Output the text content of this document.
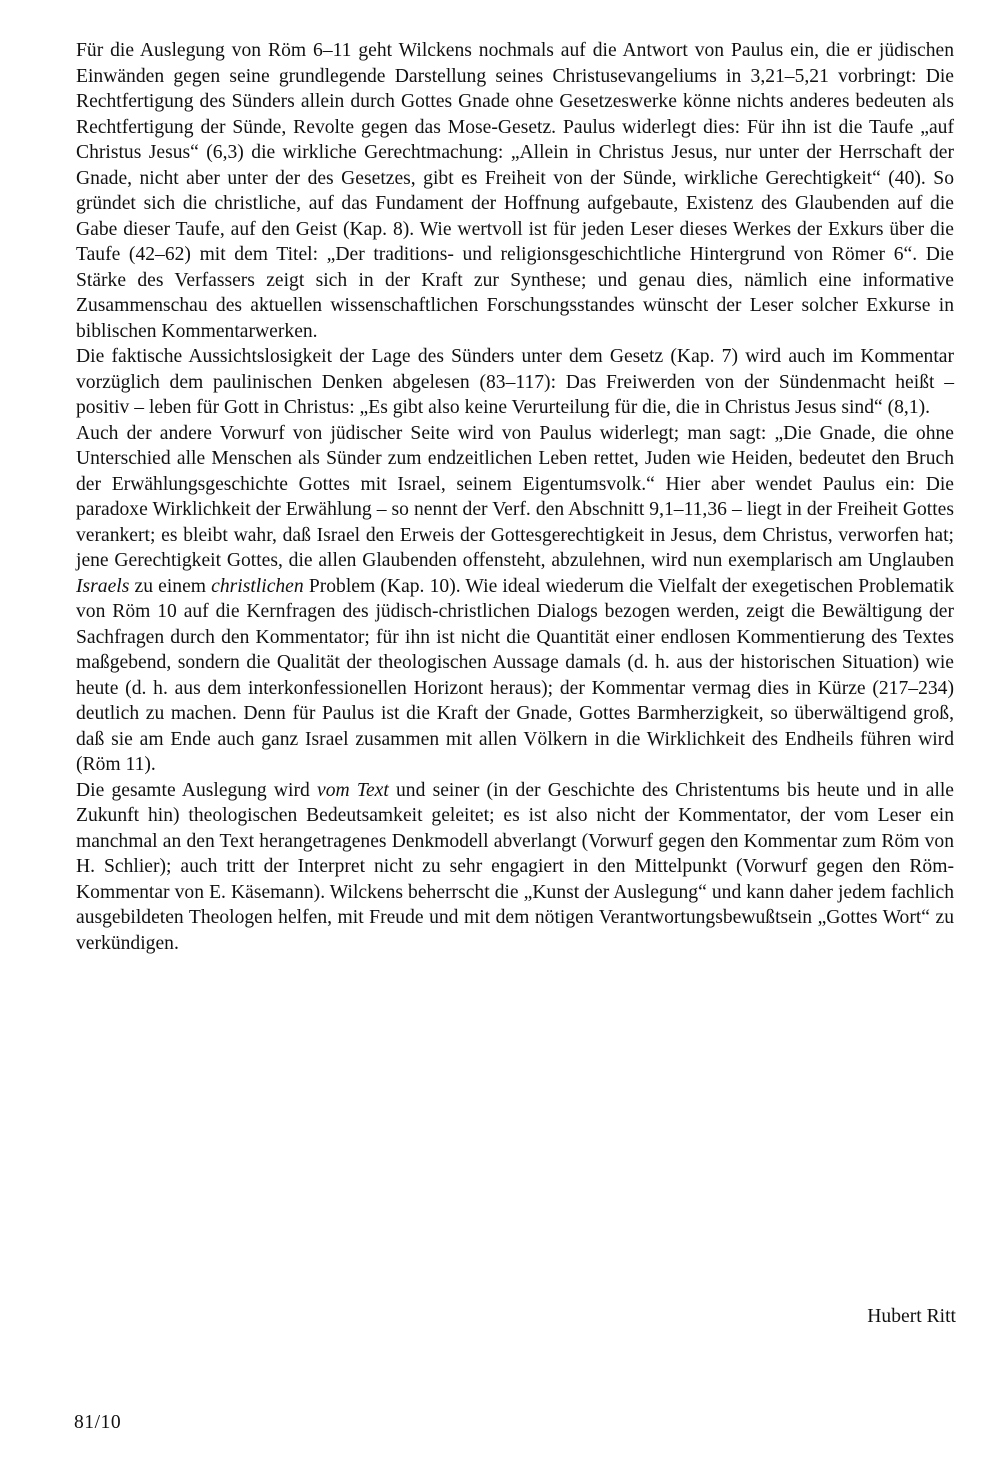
Für die Auslegung von Röm 6–11 geht Wilckens nochmals auf die Antwort von Paulus ein, die er jüdischen Einwänden gegen seine grundlegende Darstellung seines Christusevangeliums in 3,21–5,21 vorbringt: Die Rechtfertigung des Sünders allein durch Gottes Gnade ohne Gesetzeswerke könne nichts anderes bedeuten als Rechtfertigung der Sünde, Revolte gegen das Mose-Gesetz. Paulus widerlegt dies: Für ihn ist die Taufe „auf Christus Jesus“ (6,3) die wirkliche Gerechtmachung: „Allein in Christus Jesus, nur unter der Herrschaft der Gnade, nicht aber unter der des Gesetzes, gibt es Freiheit von der Sünde, wirkliche Gerechtigkeit“ (40). So gründet sich die christliche, auf das Fundament der Hoffnung aufgebaute, Existenz des Glaubenden auf die Gabe dieser Taufe, auf den Geist (Kap. 8). Wie wertvoll ist für jeden Leser dieses Werkes der Exkurs über die Taufe (42–62) mit dem Titel: „Der traditions- und religionsgeschichtliche Hintergrund von Römer 6“. Die Stärke des Verfassers zeigt sich in der Kraft zur Synthese; und genau dies, nämlich eine informative Zusammenschau des aktuellen wissenschaftlichen Forschungsstandes wünscht der Leser solcher Exkurse in biblischen Kommentarwerken.

Die faktische Aussichtslosigkeit der Lage des Sünders unter dem Gesetz (Kap. 7) wird auch im Kommentar vorzüglich dem paulinischen Denken abgelesen (83–117): Das Freiwerden von der Sündenmacht heißt – positiv – leben für Gott in Christus: „Es gibt also keine Verurteilung für die, die in Christus Jesus sind“ (8,1).

Auch der andere Vorwurf von jüdischer Seite wird von Paulus widerlegt; man sagt: „Die Gnade, die ohne Unterschied alle Menschen als Sünder zum endzeitlichen Leben rettet, Juden wie Heiden, bedeutet den Bruch der Erwählungsgeschichte Gottes mit Israel, seinem Eigentumsvolk.“ Hier aber wendet Paulus ein: Die paradoxe Wirklichkeit der Erwählung – so nennt der Verf. den Abschnitt 9,1–11,36 – liegt in der Freiheit Gottes verankert; es bleibt wahr, daß Israel den Erweis der Gottesgerechtigkeit in Jesus, dem Christus, verworfen hat; jene Gerechtigkeit Gottes, die allen Glaubenden offensteht, abzulehnen, wird nun exemplarisch am Unglauben Israels zu einem christlichen Problem (Kap. 10). Wie ideal wiederum die Vielfalt der exegetischen Problematik von Röm 10 auf die Kernfragen des jüdisch-christlichen Dialogs bezogen werden, zeigt die Bewältigung der Sachfragen durch den Kommentator; für ihn ist nicht die Quantität einer endlosen Kommentierung des Textes maßgebend, sondern die Qualität der theologischen Aussage damals (d. h. aus der historischen Situation) wie heute (d. h. aus dem interkonfessionellen Horizont heraus); der Kommentar vermag dies in Kürze (217–234) deutlich zu machen. Denn für Paulus ist die Kraft der Gnade, Gottes Barmherzigkeit, so überwältigend groß, daß sie am Ende auch ganz Israel zusammen mit allen Völkern in die Wirklichkeit des Endheils führen wird (Röm 11).

Die gesamte Auslegung wird vom Text und seiner (in der Geschichte des Christentums bis heute und in alle Zukunft hin) theologischen Bedeutsamkeit geleitet; es ist also nicht der Kommentator, der vom Leser ein manchmal an den Text herangetragenes Denkmodell abverlangt (Vorwurf gegen den Kommentar zum Röm von H. Schlier); auch tritt der Interpret nicht zu sehr engagiert in den Mittelpunkt (Vorwurf gegen den Röm-Kommentar von E. Käsemann). Wilckens beherrscht die „Kunst der Auslegung“ und kann daher jedem fachlich ausgebildeten Theologen helfen, mit Freude und mit dem nötigen Verantwortungsbewußtsein „Gottes Wort“ zu verkündigen.

Hubert Ritt
81/10
